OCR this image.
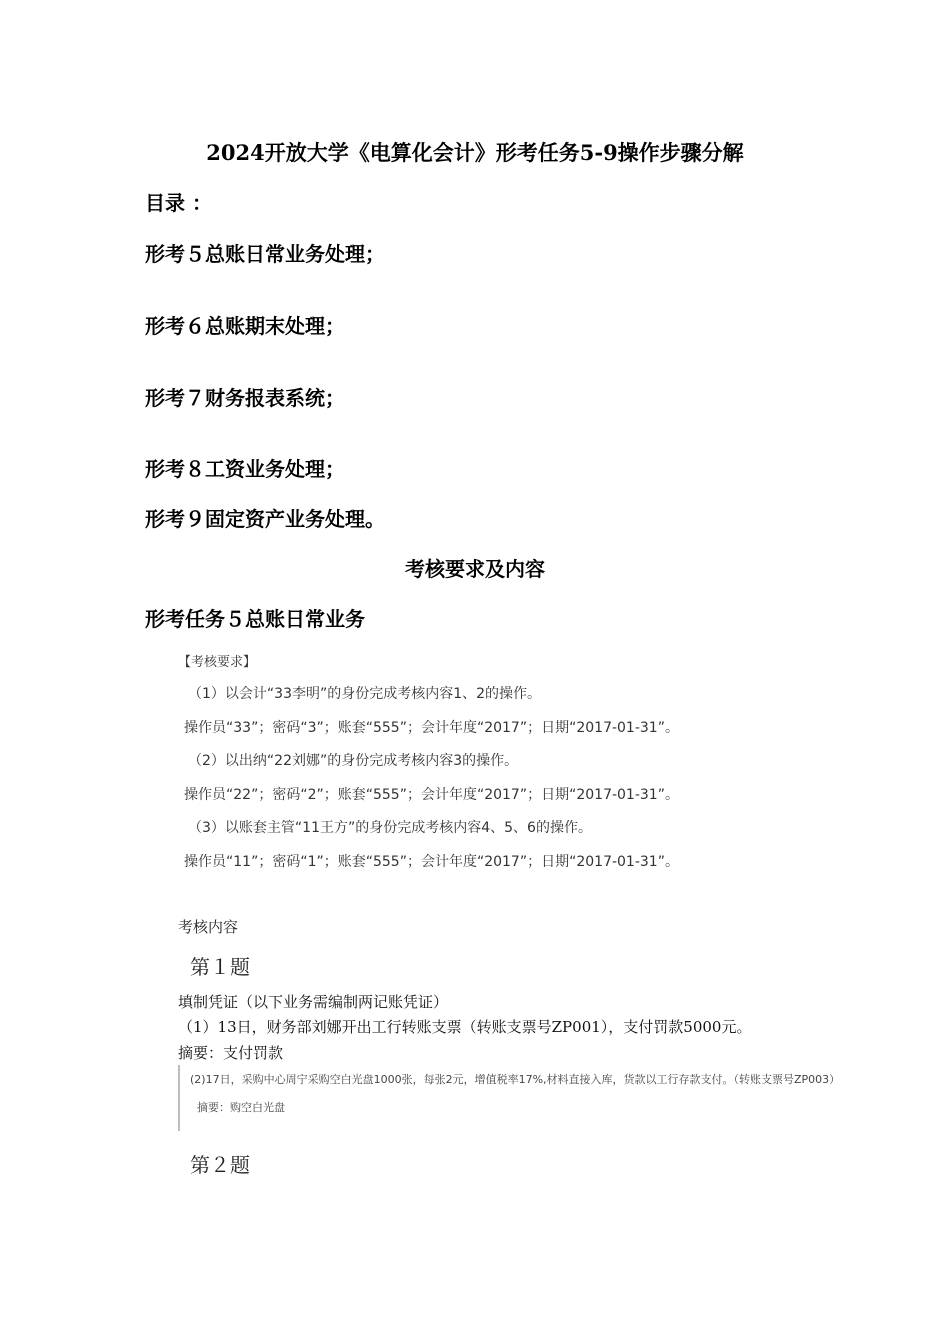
2024开放大学《电算化会计》形考任务5-9操作步骤分解
目录 ：
形考５总账日常业务处理；
形考６总账期末处理；
形考７财务报表系统；
形考８工资业务处理；
形考９固定资产业务处理。
考核要求及内容
形考任务５总账日常业务
【考核要求】
（1）以会计“33李明”的身份完成考核内容1、2的操作。
操作员“33”；密码“3”；账套“555”；会计年度“2017”；日期“2017-01-31”。
（2）以出纳“22刘娜”的身份完成考核内容3的操作。
操作员“22”；密码“2”；账套“555”；会计年度“2017”；日期“2017-01-31”。
（3）以账套主管“11王方”的身份完成考核内容4、5、6的操作。
操作员“11”；密码“1”；账套“555”；会计年度“2017”；日期“2017-01-31”。
考核内容
第１题
填制凭证（以下业务需编制两记账凭证）
（1）13日，财务部刘娜开出工行转账支票（转账支票号ZP001），支付罚款5000元。
摘要：支付罚款
(2)17日，采购中心周宁采购空白光盘1000张，每张2元，增值税率17%,材料直接入库，货款以工行存款支付。（转账支票号ZP003）
摘要：购空白光盘
第２题
